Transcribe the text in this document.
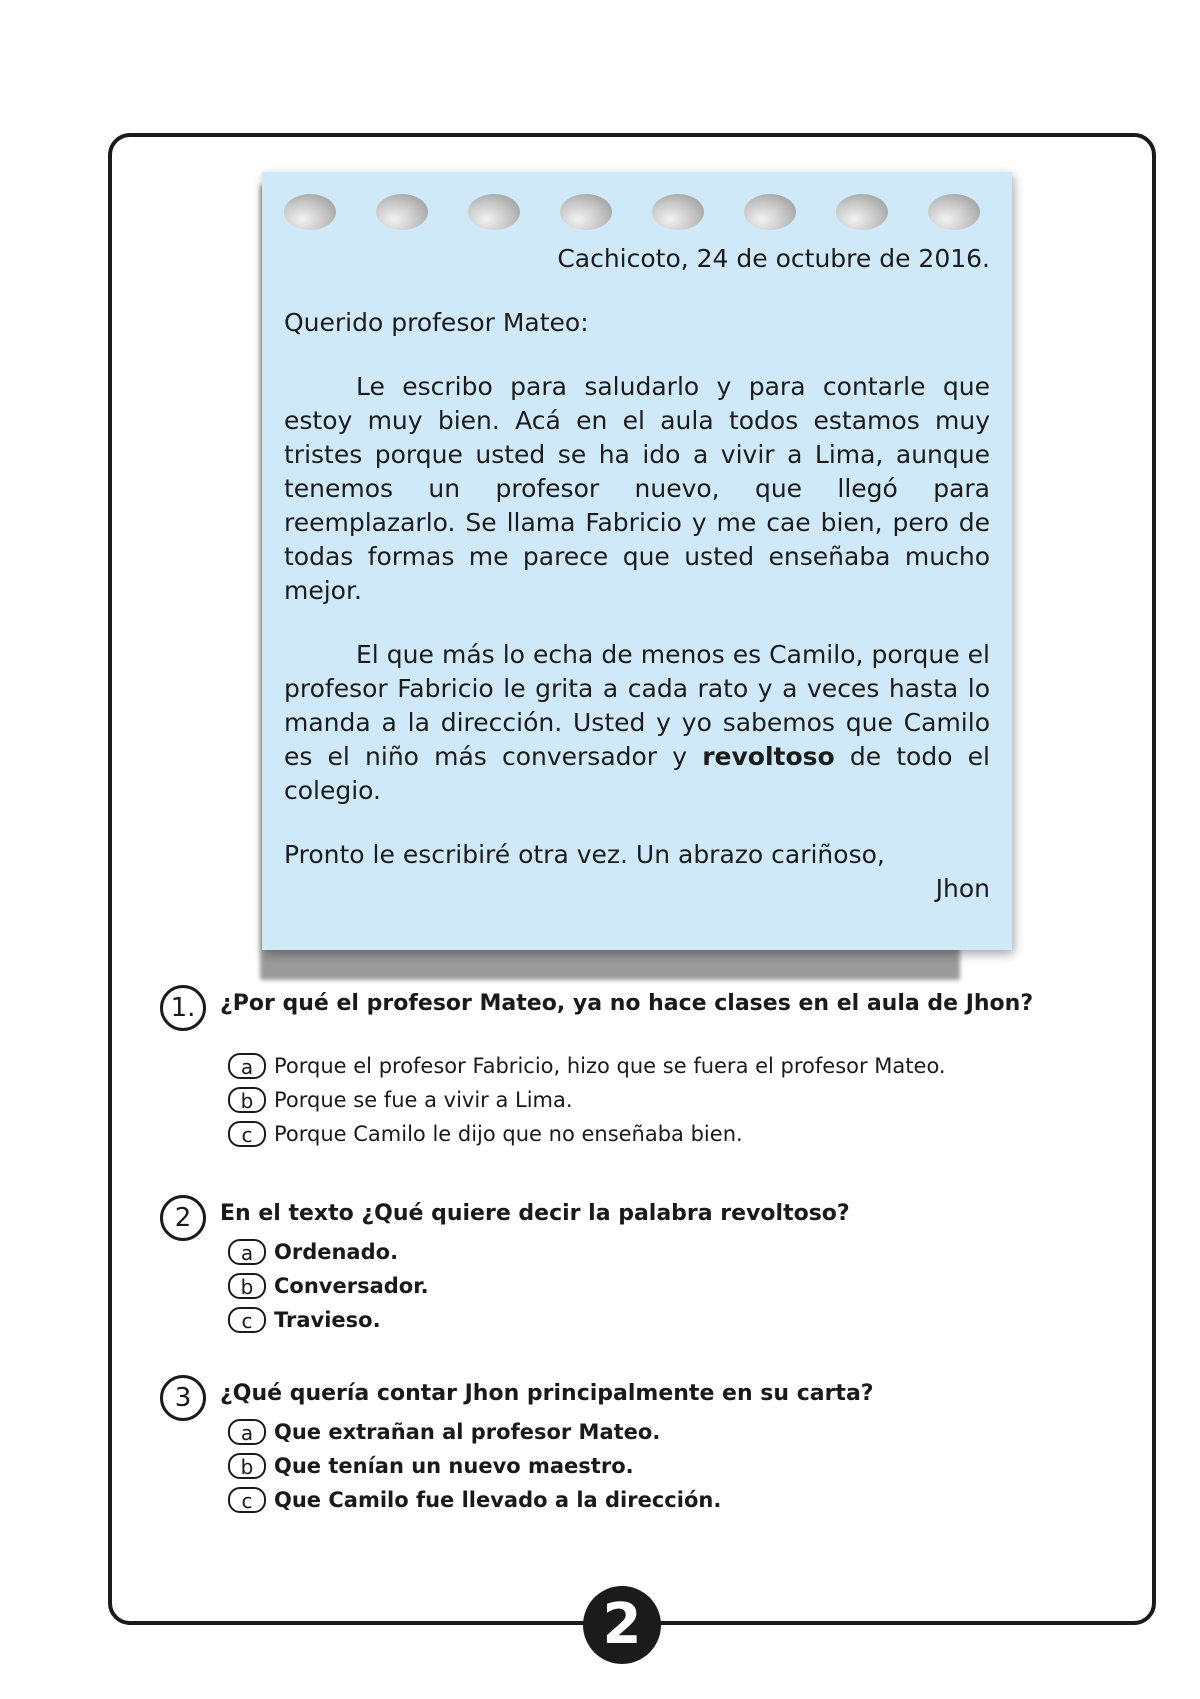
Cachicoto, 24 de octubre de 2016.

Querido profesor Mateo:

Le escribo para saludarlo y para contarle que estoy muy bien. Acá en el aula todos estamos muy tristes porque usted se ha ido a vivir a Lima, aunque tenemos un profesor nuevo, que llegó para reemplazarlo. Se llama Fabricio y me cae bien, pero de todas formas me parece que usted enseñaba mucho mejor.

El que más lo echa de menos es Camilo, porque el profesor Fabricio le grita a cada rato y a veces hasta lo manda a la dirección. Usted y yo sabemos que Camilo es el niño más conversador y revoltoso de todo el colegio.

Pronto le escribiré otra vez. Un abrazo cariñoso,

Jhon

1.	¿Por qué el profesor Mateo, ya no hace clases en el aula de Jhon?
a Porque el profesor Fabricio, hizo que se fuera el profesor Mateo.
b Porque se fue a vivir a Lima.
c	Porque Camilo le dijo que no enseñaba bien.
2	En el texto ¿Qué quiere decir la palabra revoltoso?
a Ordenado.
b Conversador.
c	Travieso.
3	¿Qué quería contar Jhon principalmente en su carta?
a Que extrañan al profesor Mateo.
b Que tenían un nuevo maestro.
c	Que Camilo fue llevado a la dirección.
2
